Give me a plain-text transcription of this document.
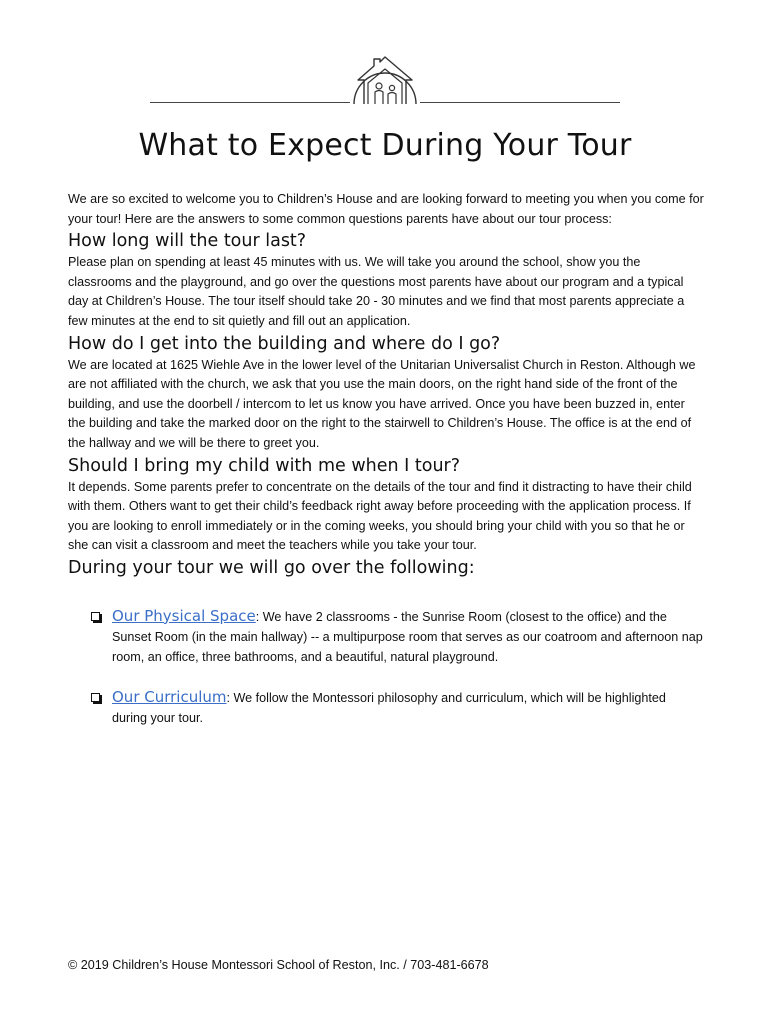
What to Expect During Your Tour

We are so excited to welcome you to Children’s House and are looking forward to meeting you when you come for your tour! Here are the answers to some common questions parents have about our tour process:

How long will the tour last?

Please plan on spending at least 45 minutes with us. We will take you around the school, show you the classrooms and the playground, and go over the questions most parents have about our program and a typical day at Children’s House. The tour itself should take 20 - 30 minutes and we find that most parents appreciate a few minutes at the end to sit quietly and fill out an application.

How do I get into the building and where do I go?

We are located at 1625 Wiehle Ave in the lower level of the Unitarian Universalist Church in Reston. Although we are not affiliated with the church, we ask that you use the main doors, on the right hand side of the front of the building, and use the doorbell / intercom to let us know you have arrived. Once you have been buzzed in, enter the building and take the marked door on the right to the stairwell to Children’s House. The office is at the end of the hallway and we will be there to greet you.

Should I bring my child with me when I tour?

It depends. Some parents prefer to concentrate on the details of the tour and find it distracting to have their child with them. Others want to get their child’s feedback right away before proceeding with the application process. If you are looking to enroll immediately or in the coming weeks, you should bring your child with you so that he or she can visit a classroom and meet the teachers while you take your tour.

During your tour we will go over the following:
Our Physical Space: We have 2 classrooms - the Sunrise Room (closest to the office) and the Sunset Room (in the main hallway) -- a multipurpose room that serves as our coatroom and afternoon nap room, an office, three bathrooms, and a beautiful, natural playground.
Our Curriculum: We follow the Montessori philosophy and curriculum, which will be highlighted during your tour.
© 2019 Children’s House Montessori School of Reston, Inc. / 703-481-6678
